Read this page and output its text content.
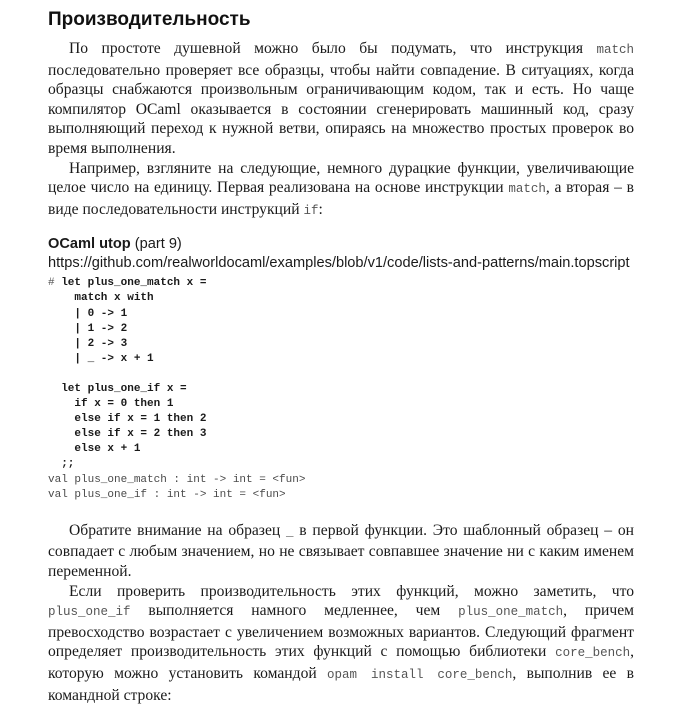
Производительность

По простоте душевной можно было бы подумать, что инструкция match последовательно проверяет все образцы, чтобы найти совпадение. В ситуациях, когда образцы снабжаются произвольным ограничивающим кодом, так и есть. Но чаще компилятор OCaml оказывается в состоянии сгенерировать машинный код, сразу выполняющий переход к нужной ветви, опираясь на множество простых проверок во время выполнения.

Например, взгляните на следующие, немного дурацкие функции, увеличивающие целое число на единицу. Первая реализована на основе инструкции match, а вторая – в виде последовательности инструкций if:

OCaml utop (part 9)
https://github.com/realworldocaml/examples/blob/v1/code/lists-and-patterns/main.topscript
# let plus_one_match x =
match x with
| 0 -> 1
| 1 -> 2
| 2 -> 3
| _ -> x + 1

let plus_one_if x =
if x = 0 then 1
else if x = 1 then 2
else if x = 2 then 3
else x + 1
;;
val plus_one_match : int -> int = <fun>
val plus_one_if : int -> int = <fun>

Обратите внимание на образец _ в первой функции. Это шаблонный образец – он совпадает с любым значением, но не связывает совпавшее значение ни с каким именем переменной.

Если проверить производительность этих функций, можно заметить, что plus_one_if выполняется намного медленнее, чем plus_one_match, причем превосходство возрастает с увеличением возможных вариантов. Следующий фрагмент определяет производительность этих функций с помощью библиотеки core_bench, которую можно установить командой opam install core_bench, выполнив ее в командной строке:
